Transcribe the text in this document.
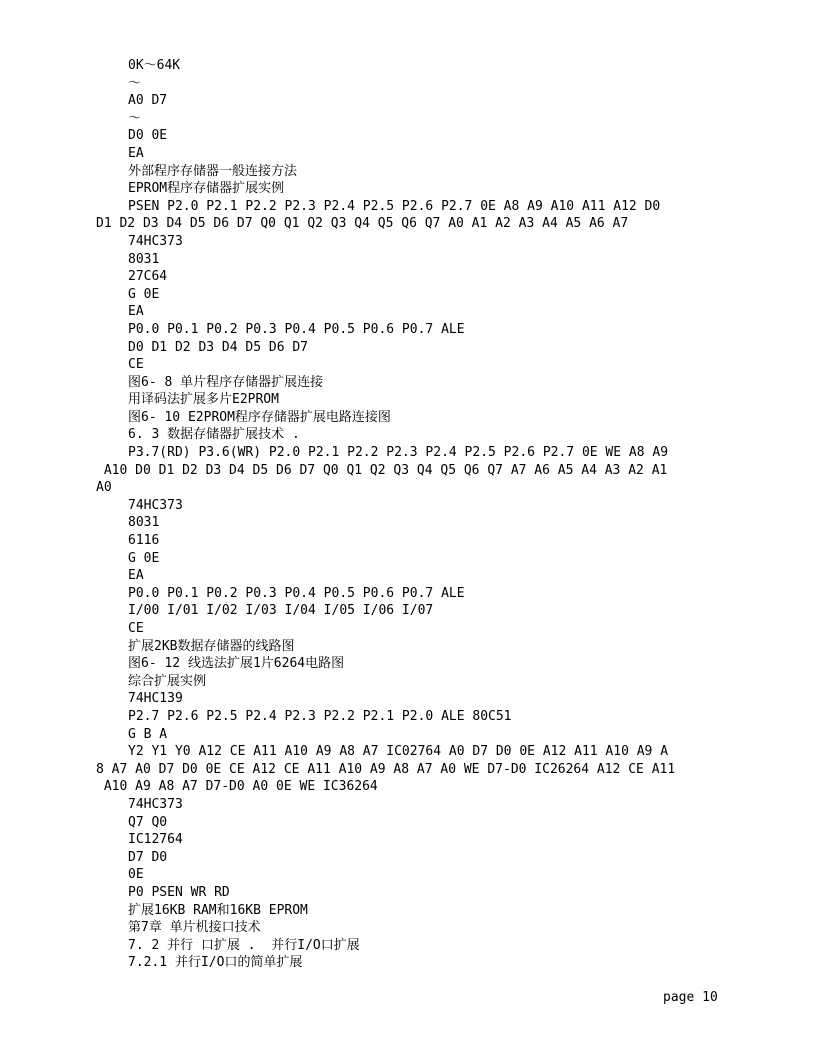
0K～64K
～
A0 D7
～
D0 0E
EA
外部程序存储器一般连接方法
EPROM程序存储器扩展实例
PSEN P2.0 P2.1 P2.2 P2.3 P2.4 P2.5 P2.6 P2.7 0E A8 A9 A10 A11 A12 D0
D1 D2 D3 D4 D5 D6 D7 Q0 Q1 Q2 Q3 Q4 Q5 Q6 Q7 A0 A1 A2 A3 A4 A5 A6 A7
74HC373
8031
27C64
G 0E
EA
P0.0 P0.1 P0.2 P0.3 P0.4 P0.5 P0.6 P0.7 ALE
D0 D1 D2 D3 D4 D5 D6 D7
CE
图6- 8 单片程序存储器扩展连接
用译码法扩展多片E2PROM
图6- 10 E2PROM程序存储器扩展电路连接图
6. 3 数据存储器扩展技术 .
P3.7(RD) P3.6(WR) P2.0 P2.1 P2.2 P2.3 P2.4 P2.5 P2.6 P2.7 0E WE A8 A9
A10 D0 D1 D2 D3 D4 D5 D6 D7 Q0 Q1 Q2 Q3 Q4 Q5 Q6 Q7 A7 A6 A5 A4 A3 A2 A1
A0
74HC373
8031
6116
G 0E
EA
P0.0 P0.1 P0.2 P0.3 P0.4 P0.5 P0.6 P0.7 ALE
I/00 I/01 I/02 I/03 I/04 I/05 I/06 I/07
CE
扩展2KB数据存储器的线路图
图6- 12 线选法扩展1片6264电路图
综合扩展实例
74HC139
P2.7 P2.6 P2.5 P2.4 P2.3 P2.2 P2.1 P2.0 ALE 80C51
G B A
Y2 Y1 Y0 A12 CE A11 A10 A9 A8 A7 IC02764 A0 D7 D0 0E A12 A11 A10 A9 A
8 A7 A0 D7 D0 0E CE A12 CE A11 A10 A9 A8 A7 A0 WE D7-D0 IC26264 A12 CE A11
A10 A9 A8 A7 D7-D0 A0 0E WE IC36264
74HC373
Q7 Q0
IC12764
D7 D0
0E
P0 PSEN WR RD
扩展16KB RAM和16KB EPROM
第7章 单片机接口技术
7. 2 并行 口扩展 .  并行I/O口扩展
7.2.1 并行I/O口的简单扩展
page 10
